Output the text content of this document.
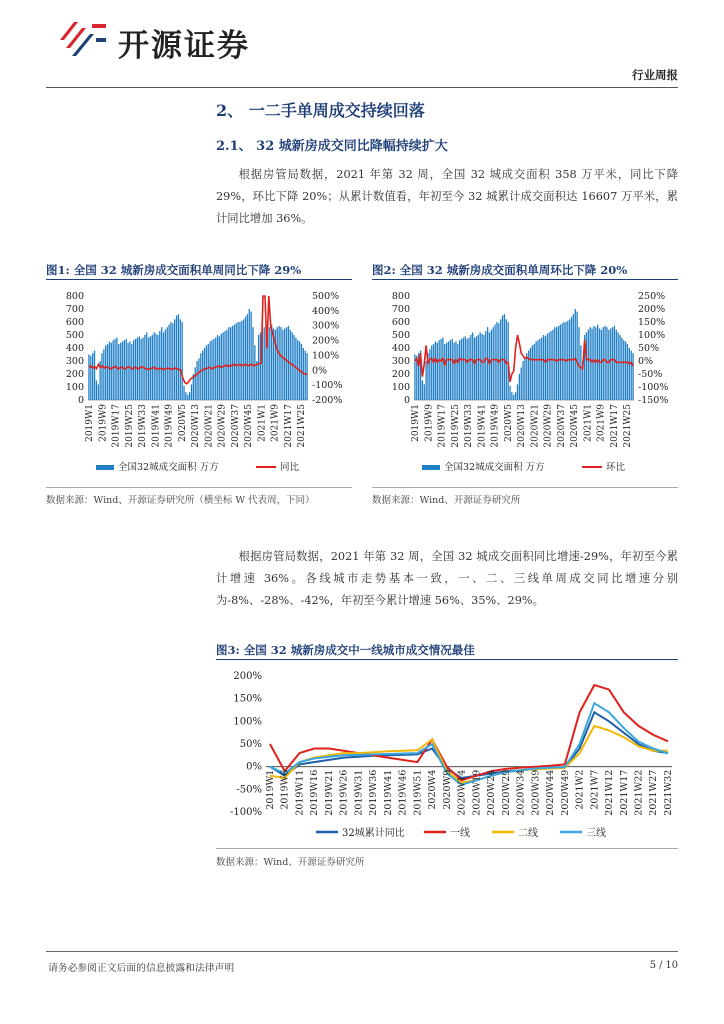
开源证券
行业周报
2、 一二手单周成交持续回落
2.1、 32 城新房成交同比降幅持续扩大

根据房管局数据，2021 年第 32 周，全国 32 城成交面积 358 万平米，同比下降 29%，环比下降 20%；从累计数值看，年初至今 32 城累计成交面积达 16607 万平米，累计同比增加 36%。

图1: 全国 32 城新房成交面积单周同比下降 29%
800
700
600
500
400
300
200
100
0
500%
400%
300%
200%
100%
0%
-100%
-200%
2019W1 2019W9 2019W17 2019W25 2019W33 2019W41 2019W49 2020W5 2020W13 2020W21 2020W29 2020W37 2020W45 2021W1 2021W9 2021W17 2021W25
全国32城成交面积 万方	同比
数据来源：Wind、开源证券研究所（横坐标 W 代表周，下同）
图2: 全国 32 城新房成交面积单周环比下降 20%
800
700
600
500
400
300
200
100
0
250%
200%
150%
100%
50%
0%
-50%
-100%
-150%
2019W1 2019W9 2019W17 2019W25 2019W33 2019W41 2019W49 2020W5 2020W13 2020W21 2020W29 2020W37 2020W45 2021W1 2021W9 2021W17 2021W25
全国32城成交面积 万方	环比
数据来源：Wind、开源证券研究所

根据房管局数据，2021 年第 32 周，全国 32 城成交面积同比增速-29%，年初至今累计增速 36%。各线城市走势基本一致，一、二、三线单周成交同比增速分别为-8%、-28%、-42%，年初至今累计增速 56%、35%、29%。

图3: 全国 32 城新房成交中一线城市成交情况最佳
200%
150%
100%
50%
0%
-50%
-100%
2019W1 2019W6 2019W11 2019W16 2019W21 2019W26 2019W31 2019W36 2019W41 2019W46 2019W51 2020W4 2020W9 2020W14 2020W19 2020W24 2020W29 2020W34 2020W39 2020W44 2020W49 2021W2 2021W7 2021W12 2021W17 2021W22 2021W27 2021W32
32城累计同比	一线	二线	三线
数据来源：Wind、开源证券研究所
请务必参阅正文后面的信息披露和法律声明	5 / 10
